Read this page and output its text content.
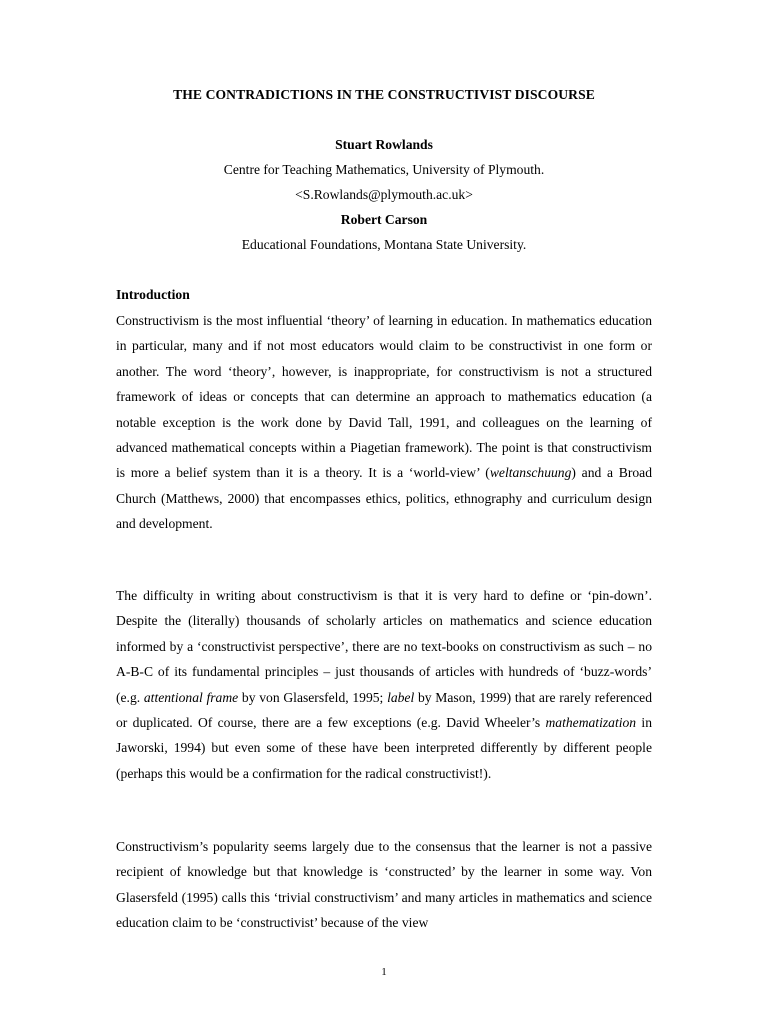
THE CONTRADICTIONS IN THE CONSTRUCTIVIST DISCOURSE
Stuart Rowlands
Centre for Teaching Mathematics, University of Plymouth.
<S.Rowlands@plymouth.ac.uk>
Robert Carson
Educational Foundations, Montana State University.
Introduction

Constructivism is the most influential ‘theory’ of learning in education. In mathematics education in particular, many and if not most educators would claim to be constructivist in one form or another. The word ‘theory’, however, is inappropriate, for constructivism is not a structured framework of ideas or concepts that can determine an approach to mathematics education (a notable exception is the work done by David Tall, 1991, and colleagues on the learning of advanced mathematical concepts within a Piagetian framework). The point is that constructivism is more a belief system than it is a theory. It is a ‘world-view’ (weltanschuung) and a Broad Church (Matthews, 2000) that encompasses ethics, politics, ethnography and curriculum design and development.

The difficulty in writing about constructivism is that it is very hard to define or ‘pin-down’. Despite the (literally) thousands of scholarly articles on mathematics and science education informed by a ‘constructivist perspective’, there are no text-books on constructivism as such – no A-B-C of its fundamental principles – just thousands of articles with hundreds of ‘buzz-words’ (e.g. attentional frame by von Glasersfeld, 1995; label by Mason, 1999) that are rarely referenced or duplicated. Of course, there are a few exceptions (e.g. David Wheeler’s mathematization in Jaworski, 1994) but even some of these have been interpreted differently by different people (perhaps this would be a confirmation for the radical constructivist!).

Constructivism’s popularity seems largely due to the consensus that the learner is not a passive recipient of knowledge but that knowledge is ‘constructed’ by the learner in some way. Von Glasersfeld (1995) calls this ‘trivial constructivism’ and many articles in mathematics and science education claim to be ‘constructivist’ because of the view

1
